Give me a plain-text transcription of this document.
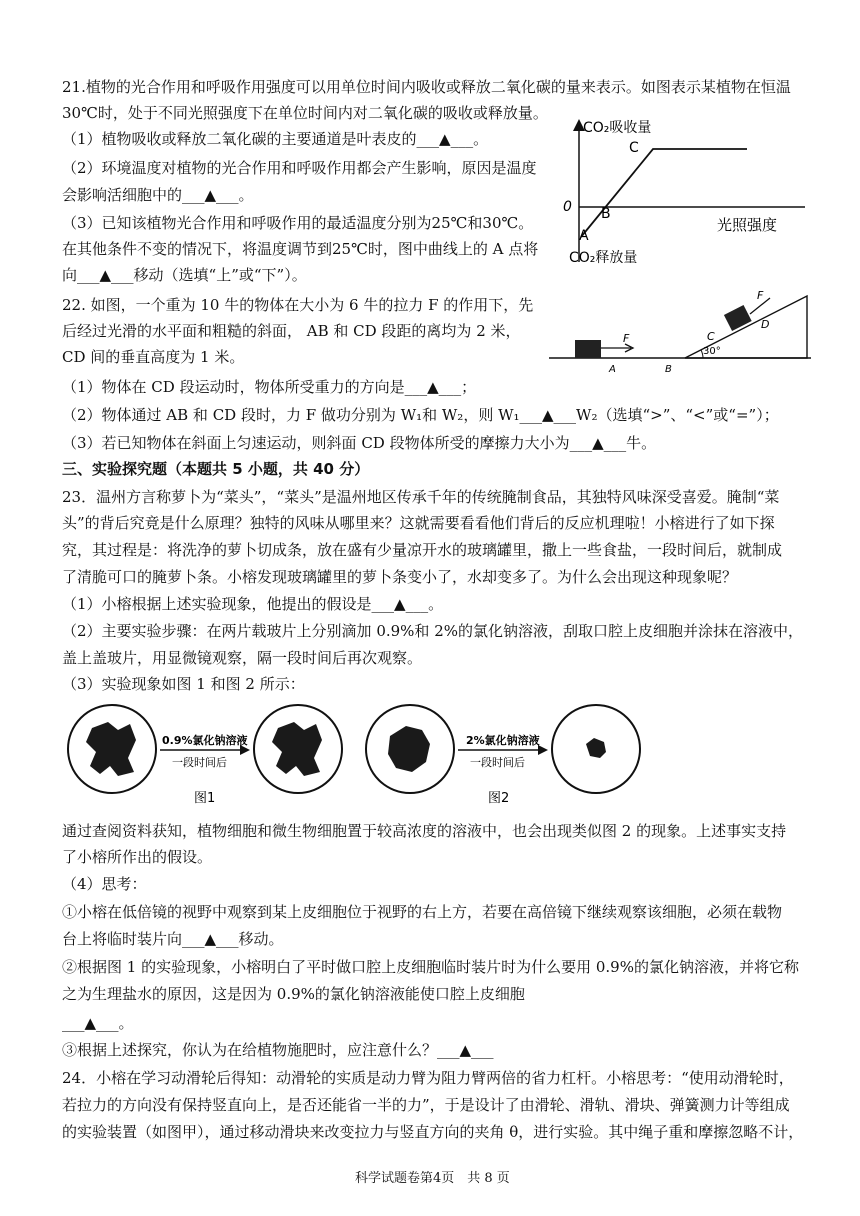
21.植物的光合作用和呼吸作用强度可以用单位时间内吸收或释放二氧化碳的量来表示。如图表示某植物在恒温
30℃时，处于不同光照强度下在单位时间内对二氧化碳的吸收或释放量。
（1）植物吸收或释放二氧化碳的主要通道是叶表皮的___▲___。
（2）环境温度对植物的光合作用和呼吸作用都会产生影响，原因是温度
会影响活细胞中的___▲___。
（3）已知该植物光合作用和呼吸作用的最适温度分别为25℃和30℃。
在其他条件不变的情况下，将温度调节到25℃时，图中曲线上的 A 点将
向___▲___移动（选填“上”或“下”）。
CO₂吸收量
0
C
B
A
光照强度
CO₂释放量
22. 如图，一个重为 10 牛的物体在大小为 6 牛的拉力 F 的作用下，先
后经过光滑的水平面和粗糙的斜面， AB 和 CD 段距的离均为 2 米，
CD 间的垂直高度为 1 米。
F
A	B
F
C
D
30°
（1）物体在 CD 段运动时，物体所受重力的方向是___▲___；
（2）物体通过 AB 和 CD 段时，力 F 做功分别为 W₁和 W₂，则 W₁___▲___W₂（选填“>”、“<”或“=”）；
（3）若已知物体在斜面上匀速运动，则斜面 CD 段物体所受的摩擦力大小为___▲___牛。
三、实验探究题（本题共 5 小题，共 40 分）
23．温州方言称萝卜为“菜头”，“菜头”是温州地区传承千年的传统腌制食品，其独特风味深受喜爱。腌制“菜
头”的背后究竟是什么原理？独特的风味从哪里来？这就需要看看他们背后的反应机理啦！小榕进行了如下探
究，其过程是：将洗净的萝卜切成条，放在盛有少量凉开水的玻璃罐里，撒上一些食盐，一段时间后，就制成
了清脆可口的腌萝卜条。小榕发现玻璃罐里的萝卜条变小了，水却变多了。为什么会出现这种现象呢？
（1）小榕根据上述实验现象，他提出的假设是___▲___。
（2）主要实验步骤：在两片载玻片上分别滴加 0.9%和 2%的氯化钠溶液，刮取口腔上皮细胞并涂抹在溶液中，
盖上盖玻片，用显微镜观察，隔一段时间后再次观察。
（3）实验现象如图 1 和图 2 所示：
0.9%氯化钠溶液
一段时间后
图1
2%氯化钠溶液
一段时间后
图2
通过查阅资料获知，植物细胞和微生物细胞置于较高浓度的溶液中，也会出现类似图 2 的现象。上述事实支持
了小榕所作出的假设。
（4）思考：
①小榕在低倍镜的视野中观察到某上皮细胞位于视野的右上方，若要在高倍镜下继续观察该细胞，必须在载物
台上将临时装片向___▲___移动。
②根据图 1 的实验现象，小榕明白了平时做口腔上皮细胞临时装片时为什么要用 0.9%的氯化钠溶液，并将它称
之为生理盐水的原因，这是因为 0.9%的氯化钠溶液能使口腔上皮细胞
___▲___。
③根据上述探究，你认为在给植物施肥时，应注意什么？___▲___
24．小榕在学习动滑轮后得知：动滑轮的实质是动力臂为阻力臂两倍的省力杠杆。小榕思考：“使用动滑轮时，
若拉力的方向没有保持竖直向上，是否还能省一半的力”，于是设计了由滑轮、滑轨、滑块、弹簧测力计等组成
的实验装置（如图甲），通过移动滑块来改变拉力与竖直方向的夹角 θ，进行实验。其中绳子重和摩擦忽略不计，
科学试题卷第4页　共 8 页
